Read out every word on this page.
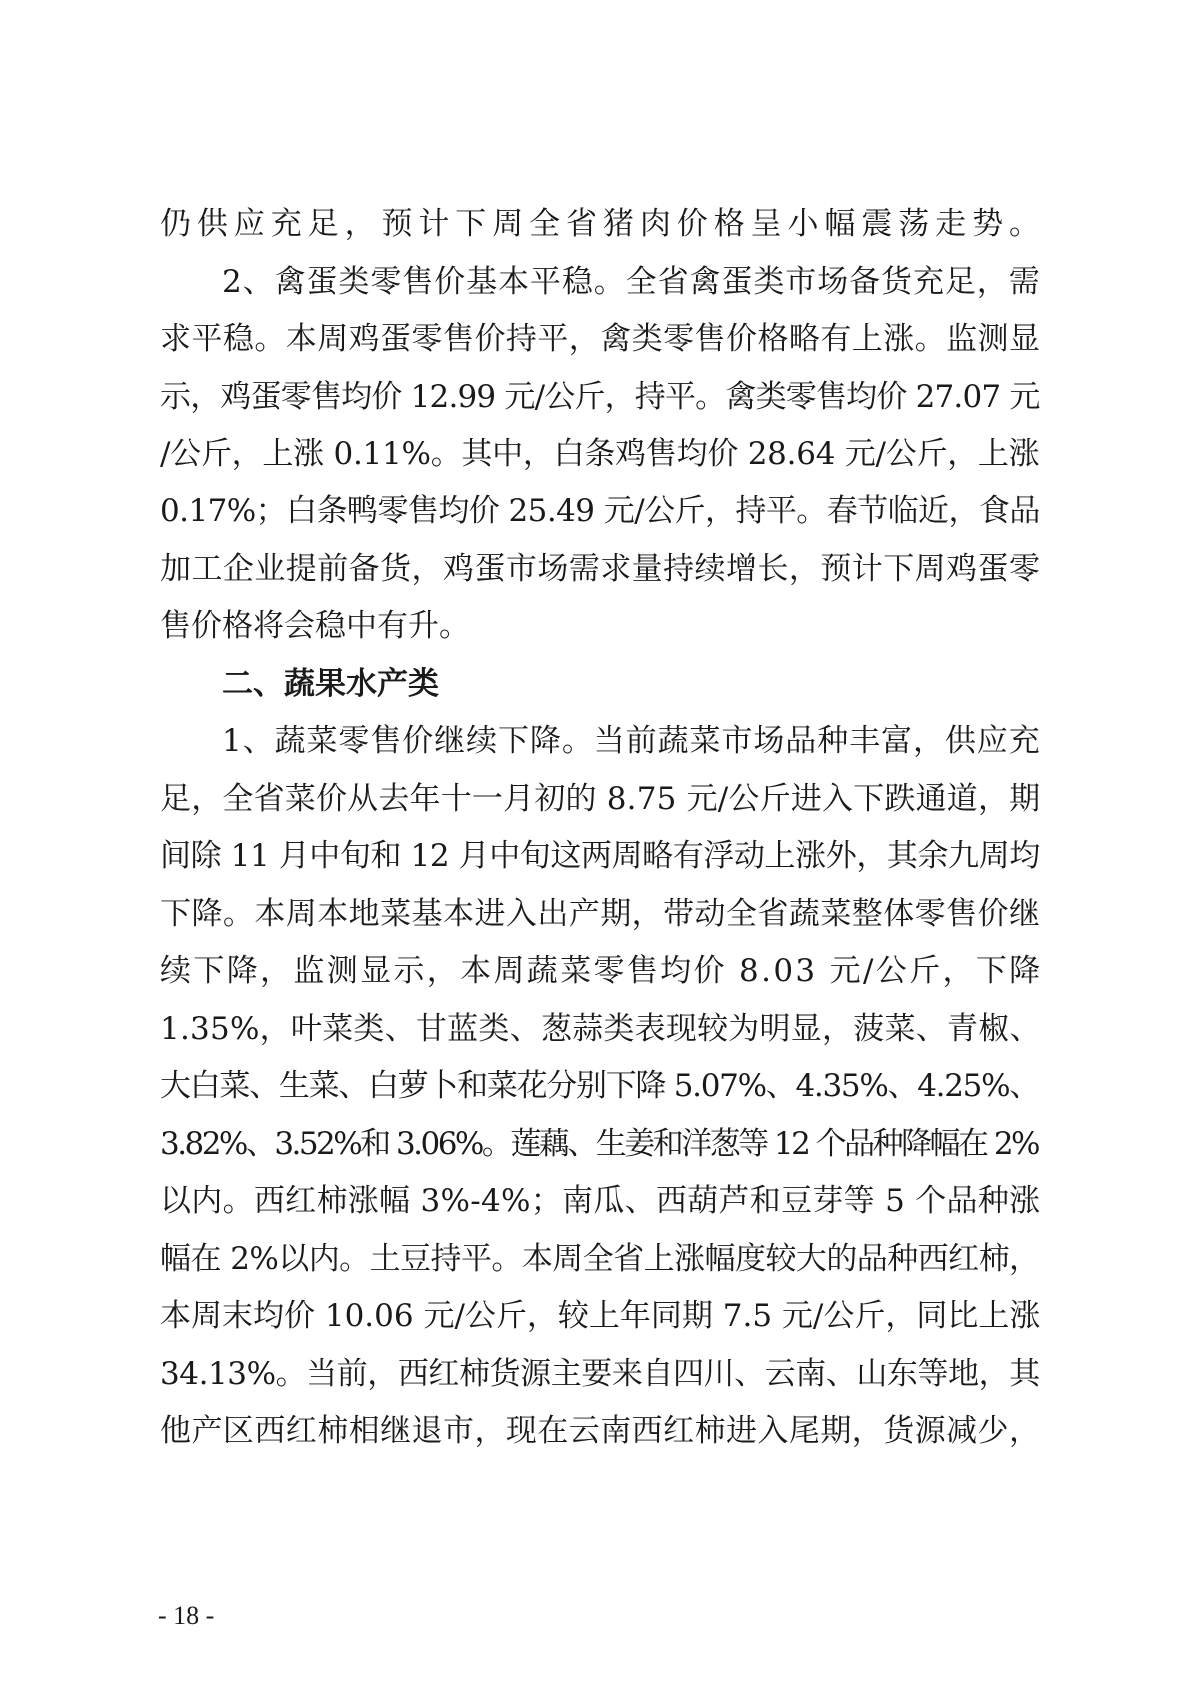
仍供应充足，预计下周全省猪肉价格呈小幅震荡走势。
2、禽蛋类零售价基本平稳。全省禽蛋类市场备货充足，需
求平稳。本周鸡蛋零售价持平，禽类零售价格略有上涨。监测显
示，鸡蛋零售均价 12.99 元/公斤，持平。禽类零售均价 27.07 元
/公斤，上涨 0.11%。其中，白条鸡售均价 28.64 元/公斤，上涨
0.17%；白条鸭零售均价 25.49 元/公斤，持平。春节临近，食品
加工企业提前备货，鸡蛋市场需求量持续增长，预计下周鸡蛋零
售价格将会稳中有升。
二、蔬果水产类
1、蔬菜零售价继续下降。当前蔬菜市场品种丰富，供应充
足，全省菜价从去年十一月初的 8.75 元/公斤进入下跌通道，期
间除 11 月中旬和 12 月中旬这两周略有浮动上涨外，其余九周均
下降。本周本地菜基本进入出产期，带动全省蔬菜整体零售价继
续下降，监测显示，本周蔬菜零售均价 8.03 元/公斤，下降
1.35%，叶菜类、甘蓝类、葱蒜类表现较为明显，菠菜、青椒、
大白菜、生菜、白萝卜和菜花分别下降 5.07%、4.35%、4.25%、
3.82%、3.52%和 3.06%。莲藕、生姜和洋葱等 12 个品种降幅在 2%
以内。西红柿涨幅 3%-4%；南瓜、西葫芦和豆芽等 5 个品种涨
幅在 2%以内。土豆持平。本周全省上涨幅度较大的品种西红柿，
本周末均价 10.06 元/公斤，较上年同期 7.5 元/公斤，同比上涨
34.13%。当前，西红柿货源主要来自四川、云南、山东等地，其
他产区西红柿相继退市，现在云南西红柿进入尾期，货源减少，
- 18 -
